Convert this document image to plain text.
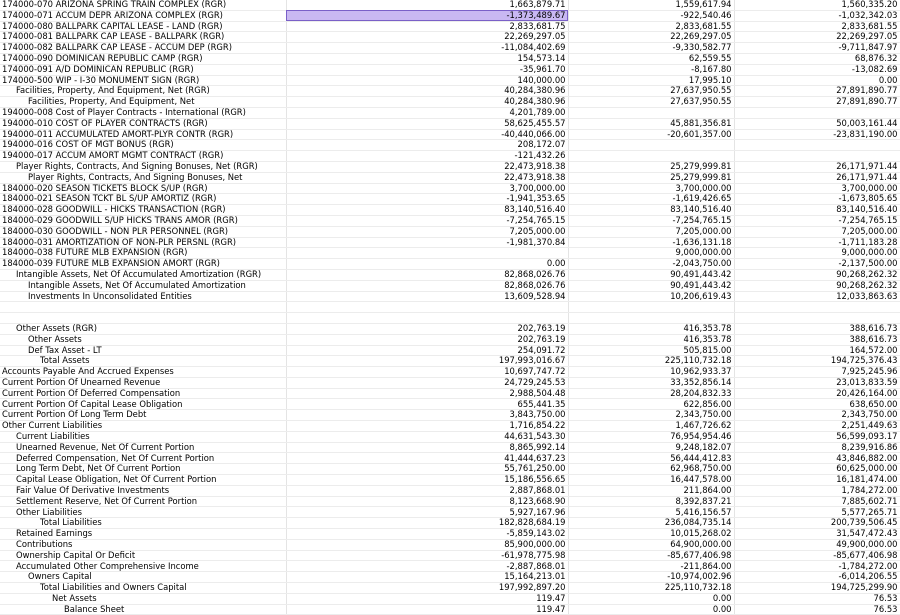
174000-070 ARIZONA SPRING TRAIN COMPLEX (RGR)	1,663,879.71	1,559,617.94	1,560,335.20
174000-071 ACCUM DEPR ARIZONA COMPLEX (RGR)	-1,373,489.67	-922,540.46	-1,032,342.03
174000-080 BALLPARK CAPITAL LEASE - LAND (RGR)	2,833,681.75	2,833,681.55	2,833,681.55
174000-081 BALLPARK CAP LEASE - BALLPARK (RGR)	22,269,297.05	22,269,297.05	22,269,297.05
174000-082 BALLPARK CAP LEASE - ACCUM DEP (RGR)	-11,084,402.69	-9,330,582.77	-9,711,847.97
174000-090 DOMINICAN REPUBLIC CAMP (RGR)	154,573.14	62,559.55	68,876.32
174000-091 A/D DOMINICAN REPUBLIC (RGR)	-35,961.70	-8,167.80	-13,082.69
174000-500 WIP - I-30 MONUMENT SIGN (RGR)	140,000.00	17,995.10	0.00
Facilities, Property, And Equipment, Net (RGR)	40,284,380.96	27,637,950.55	27,891,890.77
Facilities, Property, And Equipment, Net	40,284,380.96	27,637,950.55	27,891,890.77
194000-008 Cost of Player Contracts - International (RGR)	4,201,789.00		
194000-010 COST OF PLAYER CONTRACTS (RGR)	58,625,455.57	45,881,356.81	50,003,161.44
194000-011 ACCUMULATED AMORT-PLYR CONTR (RGR)	-40,440,066.00	-20,601,357.00	-23,831,190.00
194000-016 COST OF MGT BONUS (RGR)	208,172.07		
194000-017 ACCUM AMORT MGMT CONTRACT (RGR)	-121,432.26		
Player Rights, Contracts, And Signing Bonuses, Net (RGR)	22,473,918.38	25,279,999.81	26,171,971.44
Player Rights, Contracts, And Signing Bonuses, Net	22,473,918.38	25,279,999.81	26,171,971.44
184000-020 SEASON TICKETS BLOCK S/UP (RGR)	3,700,000.00	3,700,000.00	3,700,000.00
184000-021 SEASON TCKT BL S/UP AMORTIZ (RGR)	-1,941,353.65	-1,619,426.65	-1,673,805.65
184000-028 GOODWILL - HICKS TRANSACTION (RGR)	83,140,516.40	83,140,516.40	83,140,516.40
184000-029 GOODWILL S/UP HICKS TRANS AMOR (RGR)	-7,254,765.15	-7,254,765.15	-7,254,765.15
184000-030 GOODWILL - NON PLR PERSONNEL (RGR)	7,205,000.00	7,205,000.00	7,205,000.00
184000-031 AMORTIZATION OF NON-PLR PERSNL (RGR)	-1,981,370.84	-1,636,131.18	-1,711,183.28
184000-038 FUTURE MLB EXPANSION (RGR)		9,000,000.00	9,000,000.00
184000-039 FUTURE MLB EXPANSION AMORT (RGR)	0.00	-2,043,750.00	-2,137,500.00
Intangible Assets, Net Of Accumulated Amortization (RGR)	82,868,026.76	90,491,443.42	90,268,262.32
Intangible Assets, Net Of Accumulated Amortization	82,868,026.76	90,491,443.42	90,268,262.32
Investments In Unconsolidated Entities	13,609,528.94	10,206,619.43	12,033,863.63

Other Assets (RGR)	202,763.19	416,353.78	388,616.73
Other Assets	202,763.19	416,353.78	388,616.73
Def Tax Asset - LT	254,091.72	505,815.00	164,572.00
Total Assets	197,993,016.67	225,110,732.18	194,725,376.43
Accounts Payable And Accrued Expenses	10,697,747.72	10,962,933.37	7,925,245.96
Current Portion Of Unearned Revenue	24,729,245.53	33,352,856.14	23,013,833.59
Current Portion Of Deferred Compensation	2,988,504.48	28,204,832.33	20,426,164.00
Current Portion Of Capital Lease Obligation	655,441.35	622,856.00	638,650.00
Current Portion Of Long Term Debt	3,843,750.00	2,343,750.00	2,343,750.00
Other Current Liabilities	1,716,854.22	1,467,726.62	2,251,449.63
Current Liabilities	44,631,543.30	76,954,954.46	56,599,093.17
Unearned Revenue, Net Of Current Portion	8,865,992.14	9,248,182.07	8,239,916.86
Deferred Compensation, Net Of Current Portion	41,444,637.23	56,444,412.83	43,846,882.00
Long Term Debt, Net Of Current Portion	55,761,250.00	62,968,750.00	60,625,000.00
Capital Lease Obligation, Net Of Current Portion	15,186,556.65	16,447,578.00	16,181,474.00
Fair Value Of Derivative Investments	2,887,868.01	211,864.00	1,784,272.00
Settlement Reserve, Net Of Current Portion	8,123,668.90	8,392,837.21	7,885,602.71
Other Liabilities	5,927,167.96	5,416,156.57	5,577,265.71
Total Liabilities	182,828,684.19	236,084,735.14	200,739,506.45
Retained Earnings	-5,859,143.02	10,015,268.02	31,547,472.43
Contributions	85,900,000.00	64,900,000.00	49,900,000.00
Ownership Capital Or Deficit	-61,978,775.98	-85,677,406.98	-85,677,406.98
Accumulated Other Comprehensive Income	-2,887,868.01	-211,864.00	-1,784,272.00
Owners Capital	15,164,213.01	-10,974,002.96	-6,014,206.55
Total Liabilities and Owners Capital	197,992,897.20	225,110,732.18	194,725,299.90
Net Assets	119.47	0.00	76.53
Balance Sheet	119.47	0.00	76.53
